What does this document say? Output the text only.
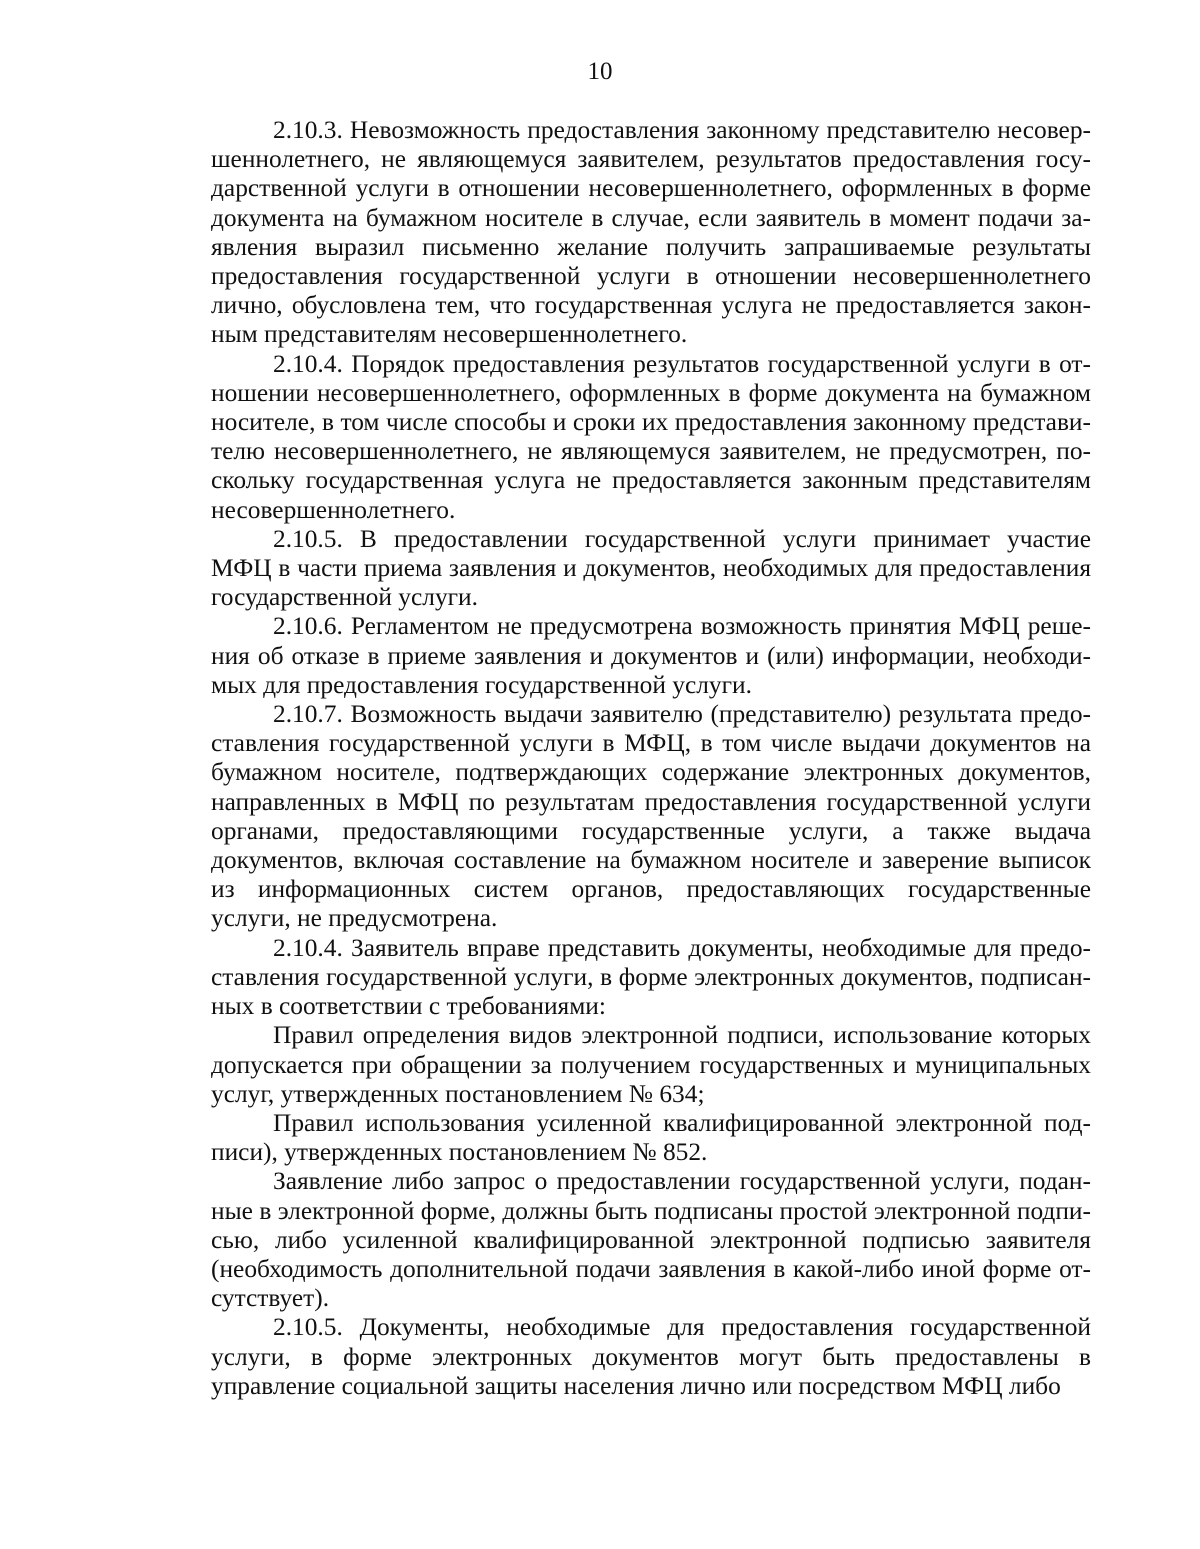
10

2.10.3. Невозможность предоставления законному представителю несовершеннолетнего, не являющемуся заявителем, результатов предоставления государственной услуги в отношении несовершеннолетнего, оформленных в форме документа на бумажном носителе в случае, если заявитель в момент подачи заявления выразил письменно желание получить запрашиваемые результаты предоставления государственной услуги в отношении несовершеннолетнего лично, обусловлена тем, что государственная услуга не предоставляется законным представителям несовершеннолетнего.

2.10.4. Порядок предоставления результатов государственной услуги в отношении несовершеннолетнего, оформленных в форме документа на бумажном носителе, в том числе способы и сроки их предоставления законному представителю несовершеннолетнего, не являющемуся заявителем, не предусмотрен, поскольку государственная услуга не предоставляется законным представителям несовершеннолетнего.

2.10.5. В предоставлении государственной услуги принимает участие МФЦ в части приема заявления и документов, необходимых для предоставления государственной услуги.

2.10.6. Регламентом не предусмотрена возможность принятия МФЦ решения об отказе в приеме заявления и документов и (или) информации, необходимых для предоставления государственной услуги.

2.10.7. Возможность выдачи заявителю (представителю) результата предоставления государственной услуги в МФЦ, в том числе выдачи документов на бумажном носителе, подтверждающих содержание электронных документов, направленных в МФЦ по результатам предоставления государственной услуги органами, предоставляющими государственные услуги, а также выдача документов, включая составление на бумажном носителе и заверение выписок из информационных систем органов, предоставляющих государственные услуги, не предусмотрена.

2.10.4. Заявитель вправе представить документы, необходимые для предоставления государственной услуги, в форме электронных документов, подписанных в соответствии с требованиями:

Правил определения видов электронной подписи, использование которых допускается при обращении за получением государственных и муниципальных услуг, утвержденных постановлением № 634;

Правил использования усиленной квалифицированной электронной подписи), утвержденных постановлением № 852.

Заявление либо запрос о предоставлении государственной услуги, поданные в электронной форме, должны быть подписаны простой электронной подписью, либо усиленной квалифицированной электронной подписью заявителя (необходимость дополнительной подачи заявления в какой-либо иной форме отсутствует).

2.10.5. Документы, необходимые для предоставления государственной услуги, в форме электронных документов могут быть предоставлены в управление социальной защиты населения лично или посредством МФЦ либо
